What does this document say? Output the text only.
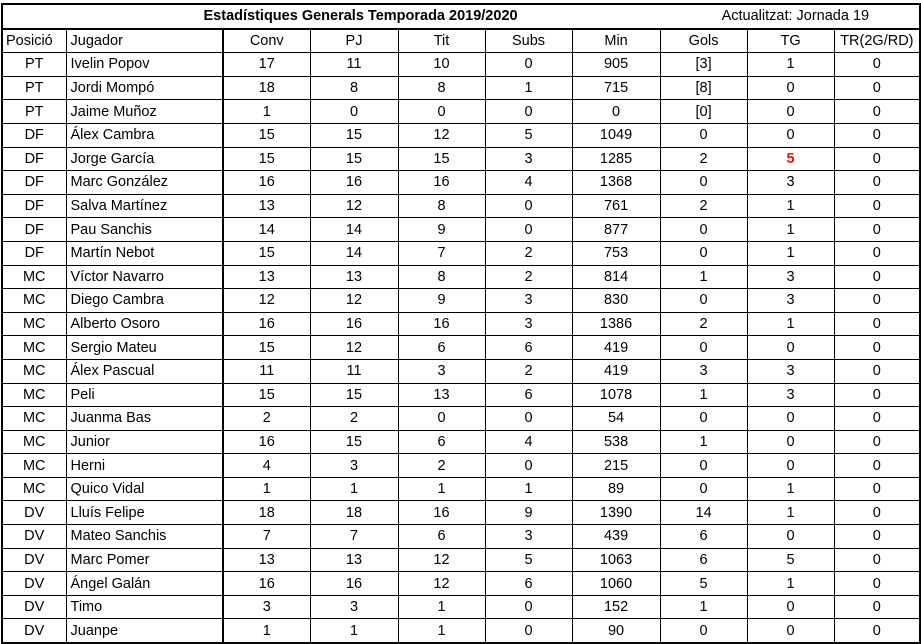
Estadístiques Generals Temporada 2019/2020							Actualitzat: Jornada 19		
Posició	Jugador	Conv	PJ	Tit	Subs	Min	Gols	TG	TR(2G/RD)
PT	Ivelin Popov	17	11	10	0	905	[3]	1	0
PT	Jordi Mompó	18	8	8	1	715	[8]	0	0
PT	Jaime Muñoz	1	0	0	0	0	[0]	0	0
DF	Álex Cambra	15	15	12	5	1049	0	0	0
DF	Jorge García	15	15	15	3	1285	2	5	0
DF	Marc González	16	16	16	4	1368	0	3	0
DF	Salva Martínez	13	12	8	0	761	2	1	0
DF	Pau Sanchis	14	14	9	0	877	0	1	0
DF	Martín Nebot	15	14	7	2	753	0	1	0
MC	Víctor Navarro	13	13	8	2	814	1	3	0
MC	Diego Cambra	12	12	9	3	830	0	3	0
MC	Alberto Osoro	16	16	16	3	1386	2	1	0
MC	Sergio Mateu	15	12	6	6	419	0	0	0
MC	Álex Pascual	11	11	3	2	419	3	3	0
MC	Peli	15	15	13	6	1078	1	3	0
MC	Juanma Bas	2	2	0	0	54	0	0	0
MC	Junior	16	15	6	4	538	1	0	0
MC	Herni	4	3	2	0	215	0	0	0
MC	Quico Vidal	1	1	1	1	89	0	1	0
DV	Lluís Felipe	18	18	16	9	1390	14	1	0
DV	Mateo Sanchis	7	7	6	3	439	6	0	0
DV	Marc Pomer	13	13	12	5	1063	6	5	0
DV	Ángel Galán	16	16	12	6	1060	5	1	0
DV	Timo	3	3	1	0	152	1	0	0
DV	Juanpe	1	1	1	0	90	0	0	0
